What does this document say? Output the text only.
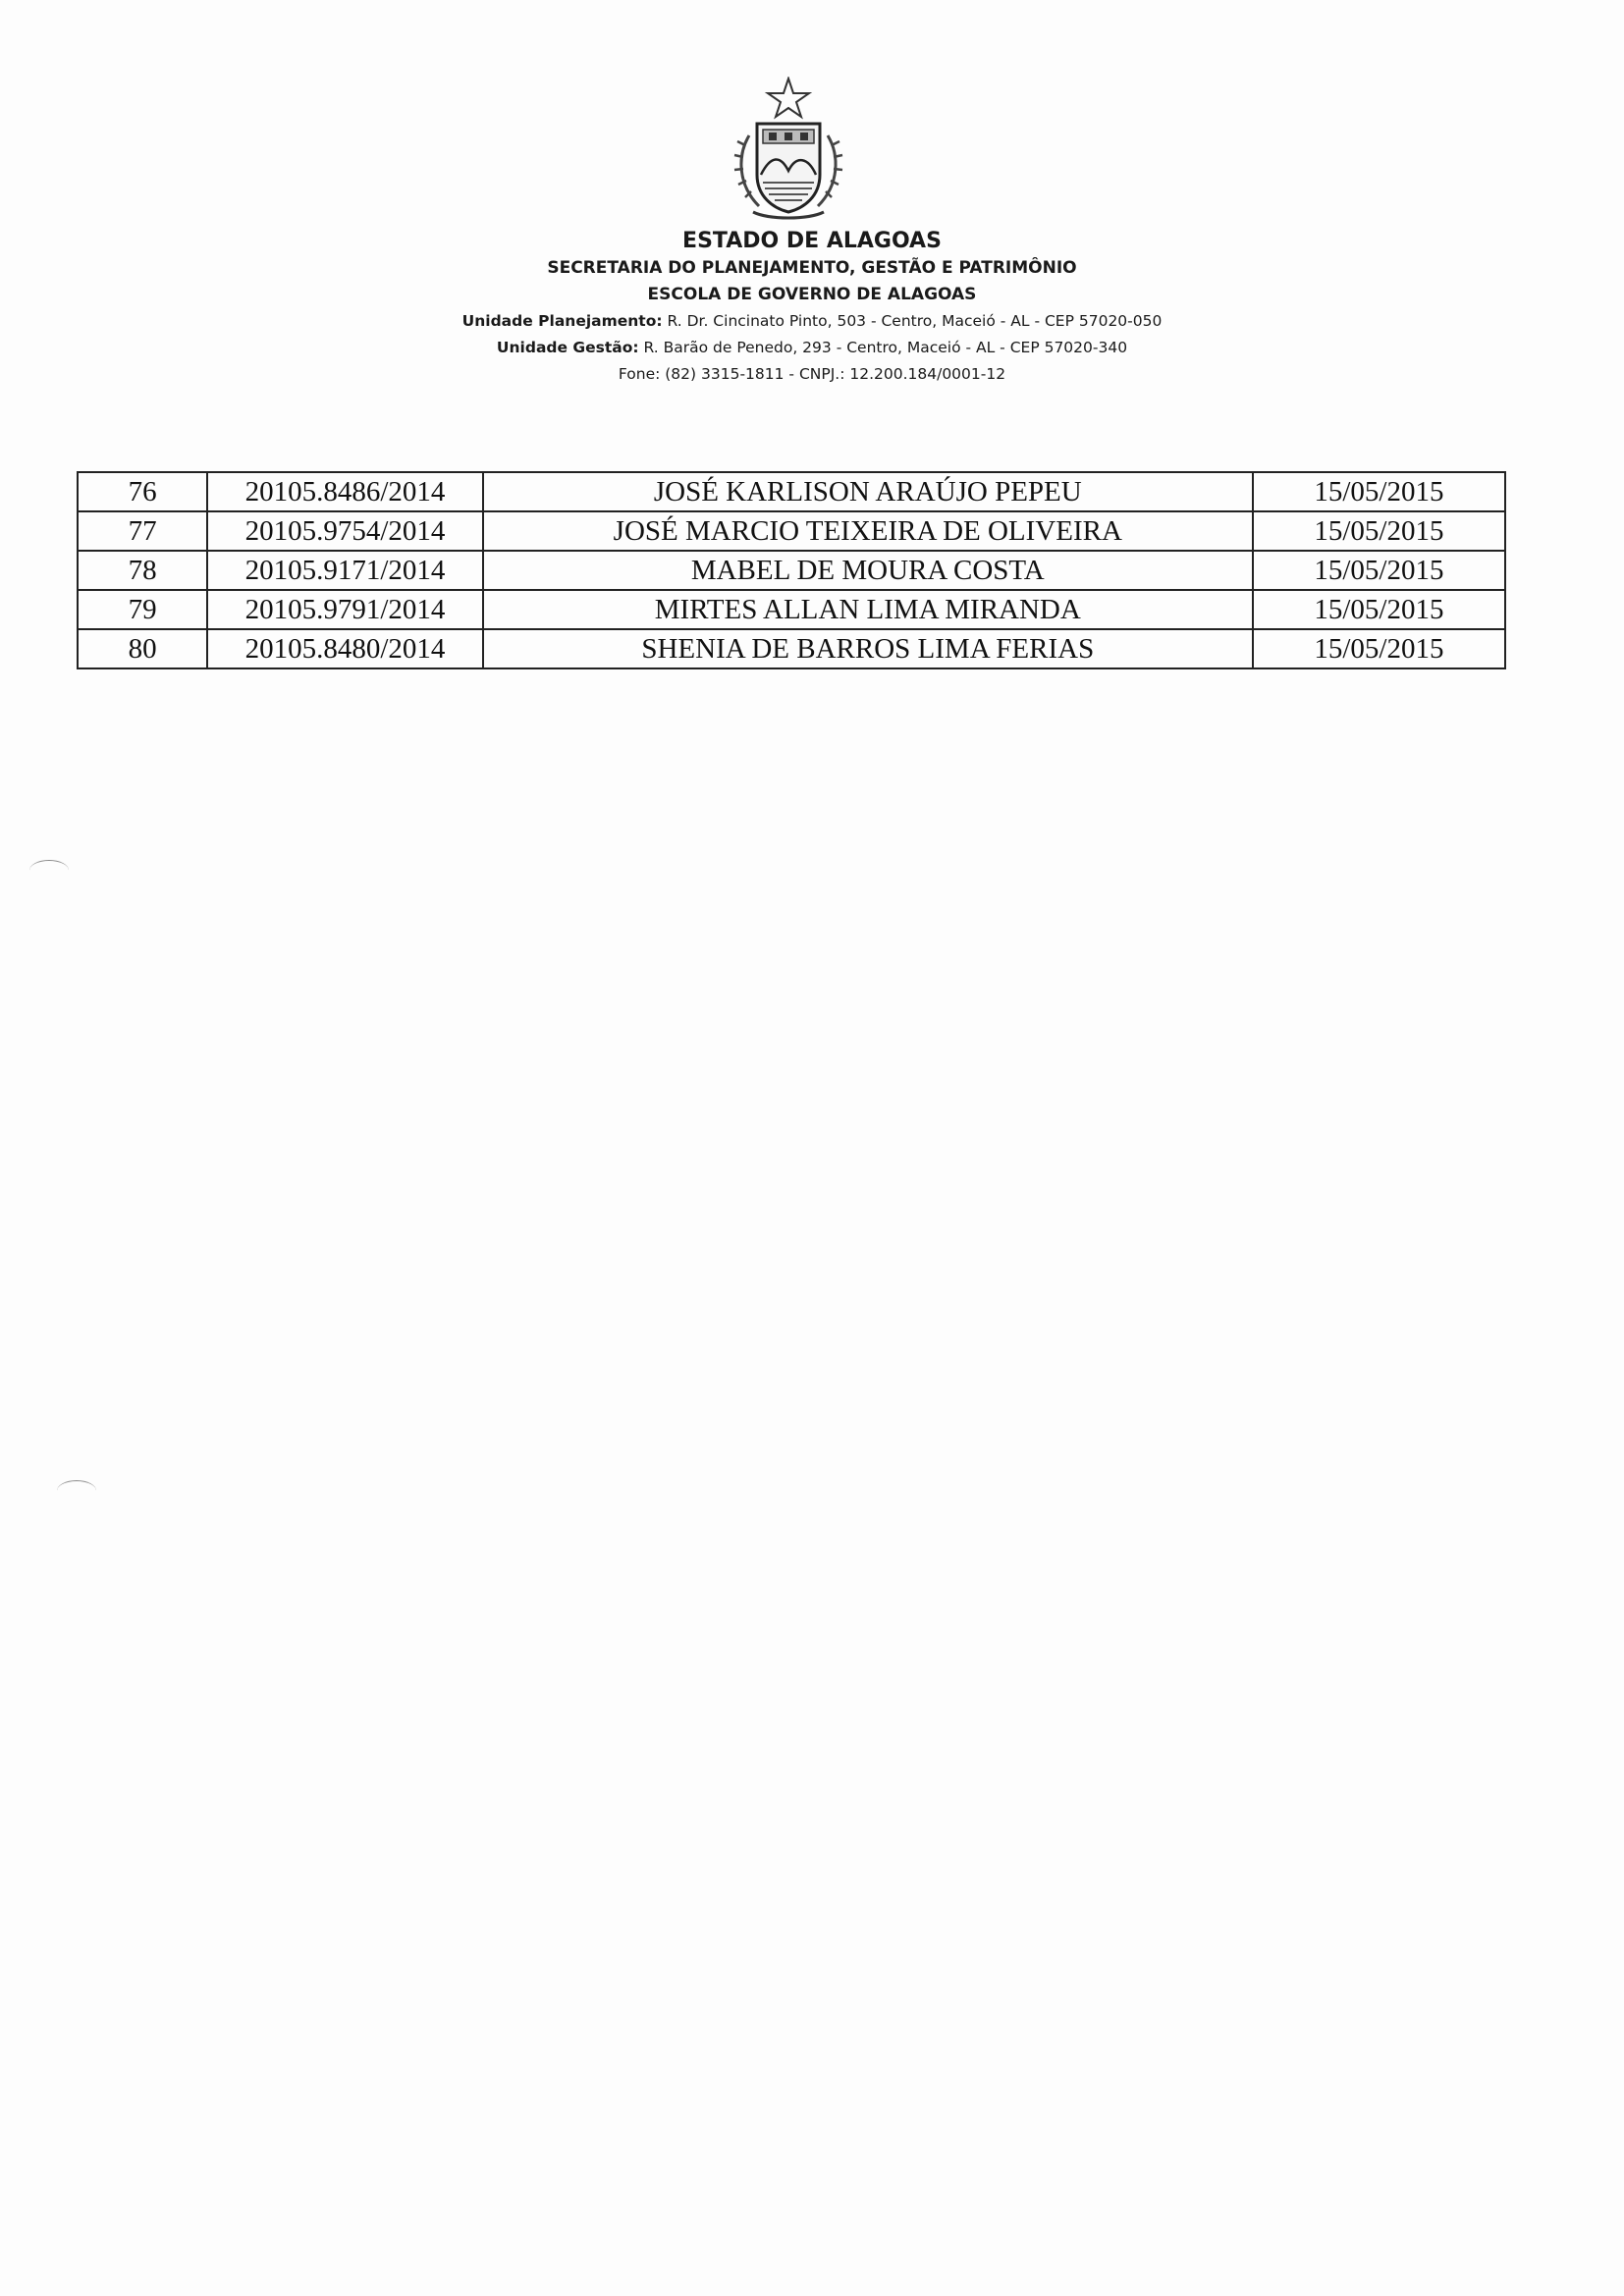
ESTADO DE ALAGOAS
SECRETARIA DO PLANEJAMENTO, GESTÃO E PATRIMÔNIO
ESCOLA DE GOVERNO DE ALAGOAS
Unidade Planejamento: R. Dr. Cincinato Pinto, 503 - Centro, Maceió - AL - CEP 57020-050
Unidade Gestão: R. Barão de Penedo, 293 - Centro, Maceió - AL - CEP 57020-340
Fone: (82) 3315-1811 - CNPJ.: 12.200.184/0001-12
76	20105.8486/2014	JOSÉ KARLISON ARAÚJO PEPEU	15/05/2015
77	20105.9754/2014	JOSÉ MARCIO TEIXEIRA DE OLIVEIRA	15/05/2015
78	20105.9171/2014	MABEL DE MOURA COSTA	15/05/2015
79	20105.9791/2014	MIRTES ALLAN LIMA MIRANDA	15/05/2015
80	20105.8480/2014	SHENIA DE BARROS LIMA FERIAS	15/05/2015
